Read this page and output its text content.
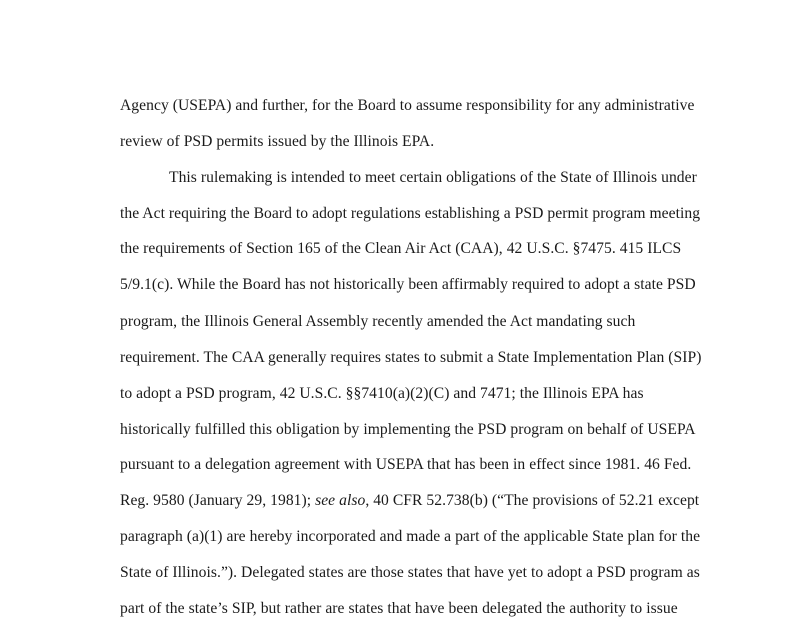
Agency (USEPA) and further, for the Board to assume responsibility for any administrative

review of PSD permits issued by the Illinois EPA.

This rulemaking is intended to meet certain obligations of the State of Illinois under

the Act requiring the Board to adopt regulations establishing a PSD permit program meeting

the requirements of Section 165 of the Clean Air Act (CAA), 42 U.S.C. §7475. 415 ILCS

5/9.1(c). While the Board has not historically been affirmably required to adopt a state PSD

program, the Illinois General Assembly recently amended the Act mandating such

requirement. The CAA generally requires states to submit a State Implementation Plan (SIP)

to adopt a PSD program, 42 U.S.C. §§7410(a)(2)(C) and 7471; the Illinois EPA has

historically fulfilled this obligation by implementing the PSD program on behalf of USEPA

pursuant to a delegation agreement with USEPA that has been in effect since 1981. 46 Fed.

Reg. 9580 (January 29, 1981); see also, 40 CFR 52.738(b) (“The provisions of 52.21 except

paragraph (a)(1) are hereby incorporated and made a part of the applicable State plan for the

State of Illinois.”). Delegated states are those states that have yet to adopt a PSD program as

part of the state’s SIP, but rather are states that have been delegated the authority to issue
